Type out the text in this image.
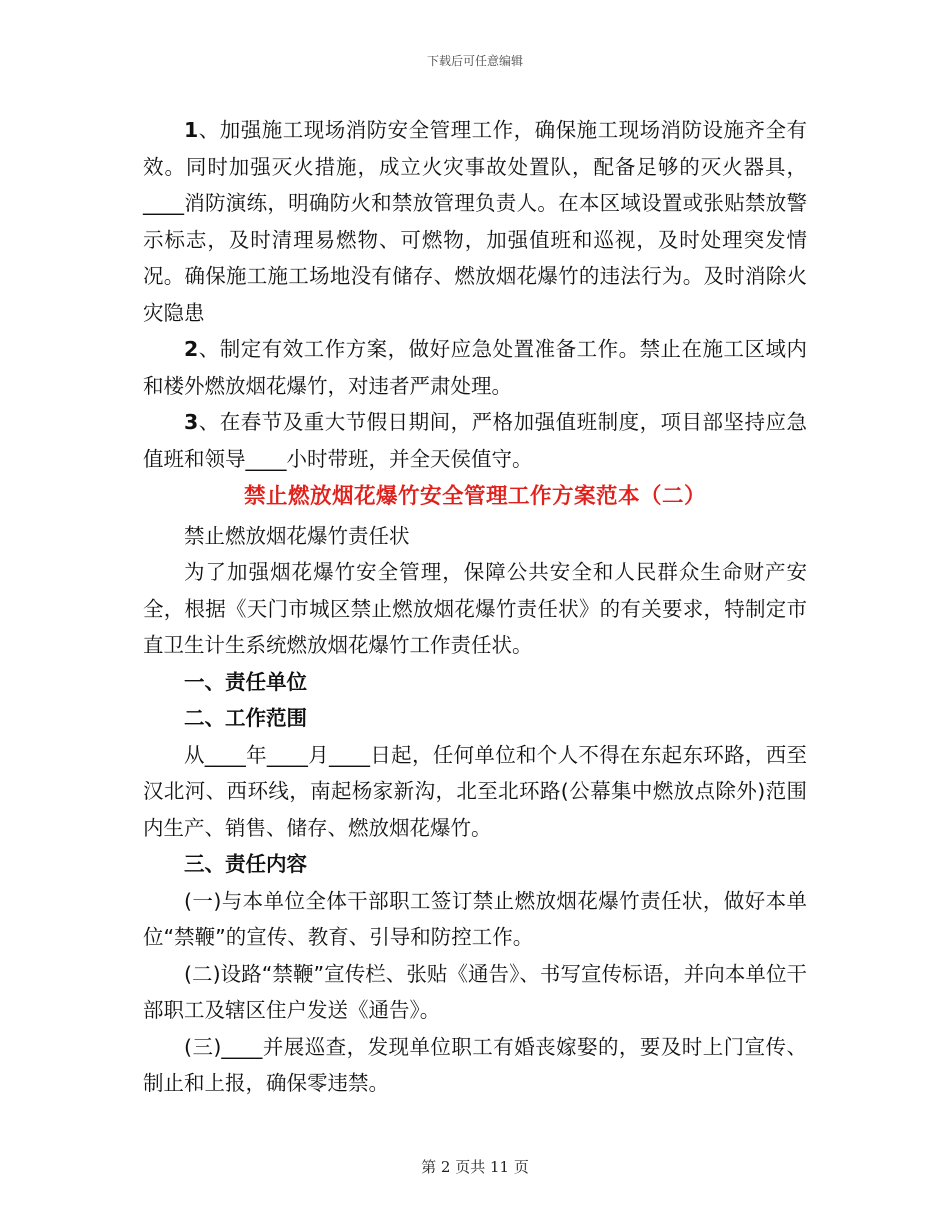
下载后可任意编辑

1、加强施工现场消防安全管理工作，确保施工现场消防设施齐全有效。同时加强灭火措施，成立火灾事故处置队，配备足够的灭火器具，____消防演练，明确防火和禁放管理负责人。在本区域设置或张贴禁放警示标志，及时清理易燃物、可燃物，加强值班和巡视，及时处理突发情况。确保施工施工场地没有储存、燃放烟花爆竹的违法行为。及时消除火灾隐患

2、制定有效工作方案，做好应急处置准备工作。禁止在施工区域内和楼外燃放烟花爆竹，对违者严肃处理。

3、在春节及重大节假日期间，严格加强值班制度，项目部坚持应急值班和领导____小时带班，并全天侯值守。

禁止燃放烟花爆竹安全管理工作方案范本（二）

禁止燃放烟花爆竹责任状

为了加强烟花爆竹安全管理，保障公共安全和人民群众生命财产安全，根据《天门市城区禁止燃放烟花爆竹责任状》的有关要求，特制定市直卫生计生系统燃放烟花爆竹工作责任状。

一、责任单位

二、工作范围

从____年____月____日起，任何单位和个人不得在东起东环路，西至汉北河、西环线，南起杨家新沟，北至北环路(公幕集中燃放点除外)范围内生产、销售、储存、燃放烟花爆竹。

三、责任内容

(一)与本单位全体干部职工签订禁止燃放烟花爆竹责任状，做好本单位“禁鞭”的宣传、教育、引导和防控工作。

(二)设路“禁鞭”宣传栏、张贴《通告》、书写宣传标语，并向本单位干部职工及辖区住户发送《通告》。

(三)____并展巡查，发现单位职工有婚丧嫁娶的，要及时上门宣传、制止和上报，确保零违禁。

第 2 页共 11 页
